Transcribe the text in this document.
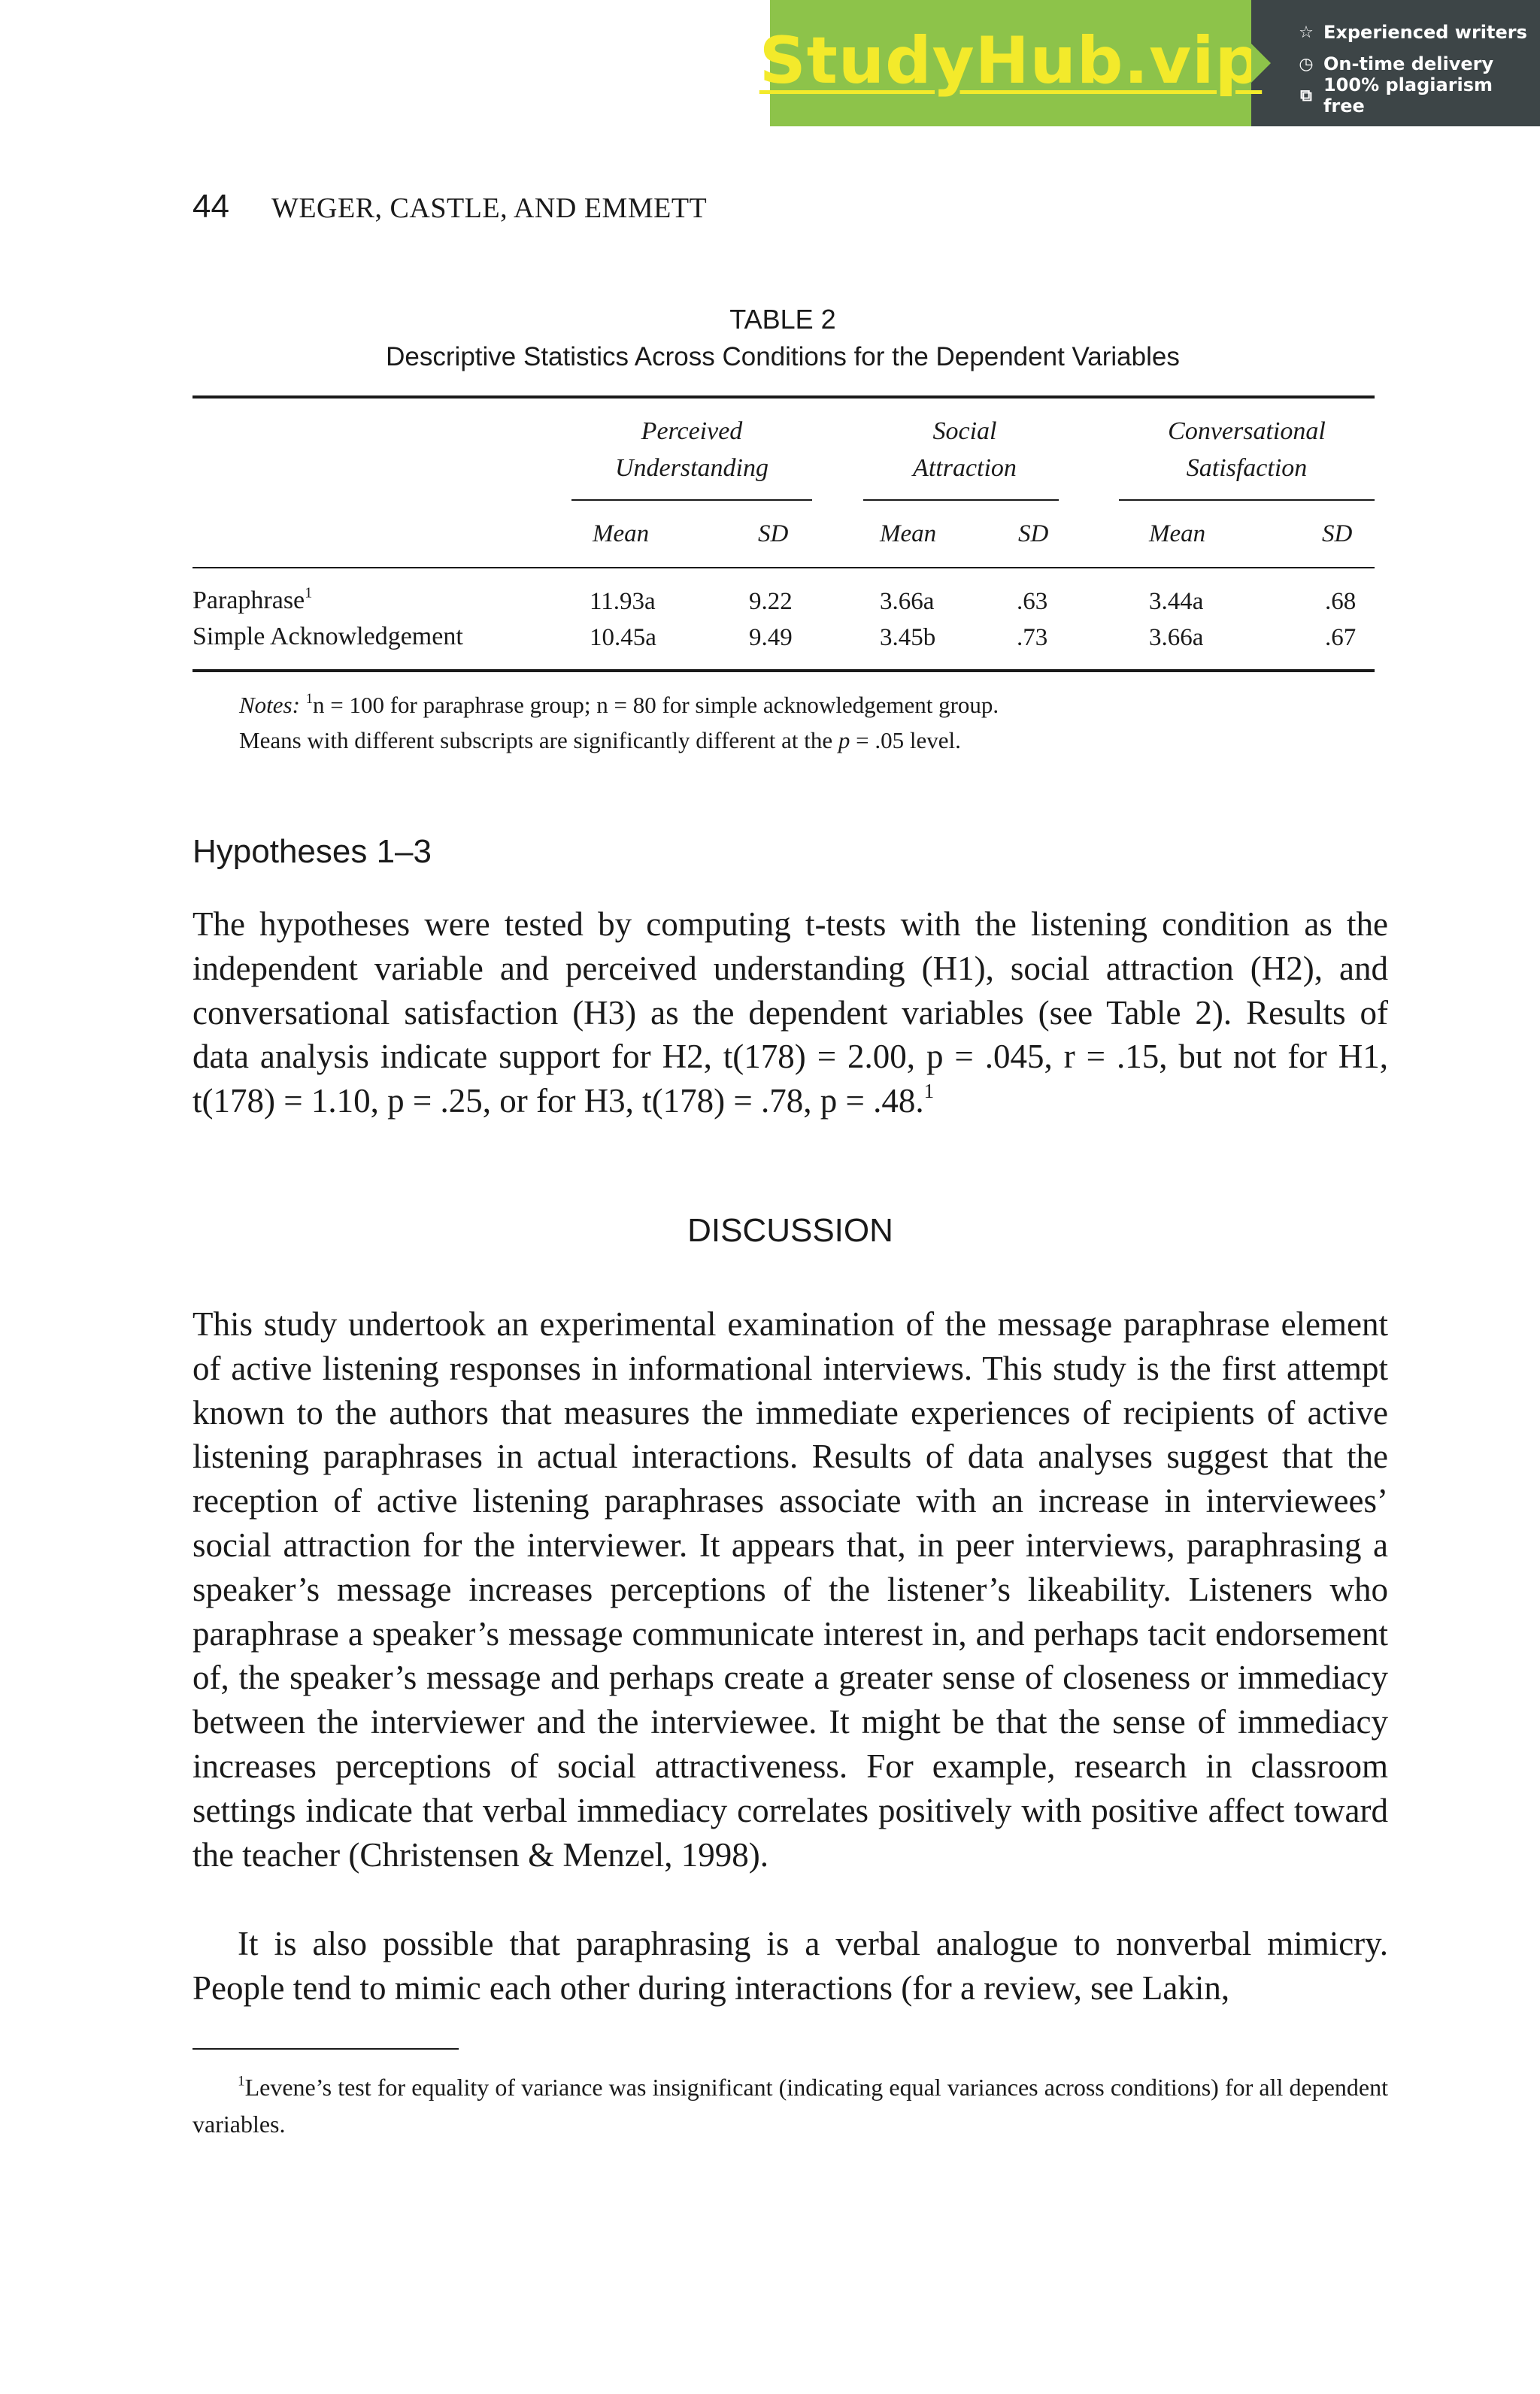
StudyHub.vip ☆ Experienced writers
◷ On-time delivery
⧉ 100% plagiarism free
44 WEGER, CASTLE, AND EMMETT
TABLE 2
Descriptive Statistics Across Conditions for the Dependent Variables
Perceived
Understanding
Social
Attraction
Conversational
Satisfaction
Mean	SD	Mean	SD	Mean	SD
Paraphrase$^1$	11.93a	9.22	3.66a	.63	3.44a	.68
Simple Acknowledgement	10.45a	9.49	3.45b	.73	3.66a	.67
Notes: $^1$n = 100 for paraphrase group; n = 80 for simple acknowledgement group.
Means with different subscripts are significantly different at the p = .05 level.
Hypotheses 1–3

The hypotheses were tested by computing t-tests with the listening condition as the independent variable and perceived understanding (H1), social attraction (H2), and conversational satisfaction (H3) as the dependent variables (see Table 2). Results of data analysis indicate support for H2, t(178) = 2.00, p = .045, r = .15, but not for H1, t(178) = 1.10, p = .25, or for H3, t(178) = .78, p = .48.$^1$

DISCUSSION

This study undertook an experimental examination of the message paraphrase element of active listening responses in informational interviews. This study is the first attempt known to the authors that measures the immediate experiences of recipients of active listening paraphrases in actual interactions. Results of data analyses suggest that the reception of active listening paraphrases associate with an increase in interviewees’ social attraction for the interviewer. It appears that, in peer interviews, paraphrasing a speaker’s message increases perceptions of the listener’s likeability. Listeners who paraphrase a speaker’s message communicate interest in, and perhaps tacit endorsement of, the speaker’s message and perhaps create a greater sense of closeness or immediacy between the interviewer and the interviewee. It might be that the sense of immediacy increases perceptions of social attractiveness. For example, research in classroom settings indicate that verbal immediacy correlates positively with positive affect toward the teacher (Christensen & Menzel, 1998).

It is also possible that paraphrasing is a verbal analogue to nonverbal mimicry. People tend to mimic each other during interactions (for a review, see Lakin,

$^1$Levene’s test for equality of variance was insignificant (indicating equal variances across conditions) for all dependent variables.
